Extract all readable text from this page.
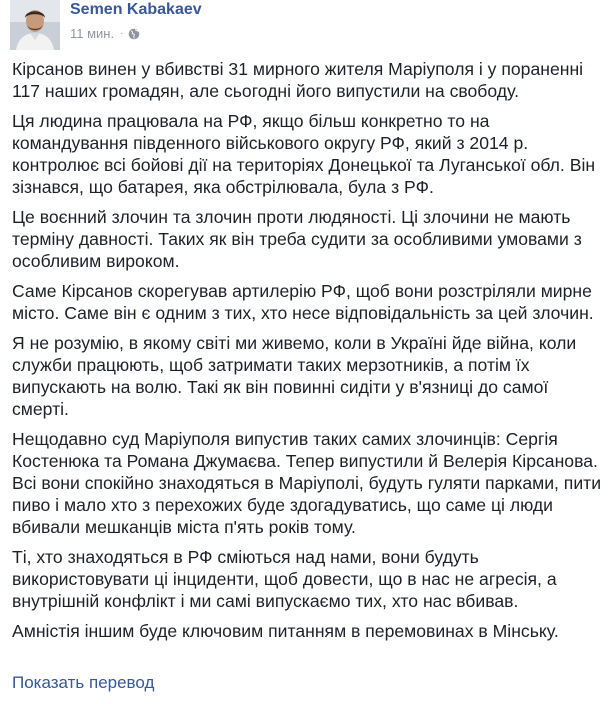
Semen Kabakaev
11 мин. ·

Кірсанов винен у вбивстві 31 мирного жителя Маріуполя і у пораненні
117 наших громадян, але сьогодні його випустили на свободу.

Ця людина працювала на РФ, якщо більш конкретно то на
командування південного військового округу РФ, який з 2014 р.
контролює всі бойові дії на територіях Донецької та Луганської обл. Він
зізнався, що батарея, яка обстрілювала, була з РФ.

Це воєнний злочин та злочин проти людяності. Ці злочини не мають
терміну давності. Таких як він треба судити за особливими умовами з
особливим вироком.

Саме Кірсанов скорегував артилерію РФ, щоб вони розстріляли мирне
місто. Саме він є одним з тих, хто несе відповідальність за цей злочин.

Я не розумію, в якому світі ми живемо, коли в Україні йде війна, коли
служби працюють, щоб затримати таких мерзотників, а потім їх
випускають на волю. Такі як він повинні сидіти у в'язниці до самої смерті.

Нещодавно суд Маріуполя випустив таких самих злочинців: Сергія
Костенюка та Романа Джумаєва. Тепер випустили й Велерія Кірсанова.
Всі вони спокійно знаходяться в Маріуполі, будуть гуляти парками, пити
пиво і мало хто з перехожих буде здогадуватись, що саме ці люди
вбивали мешканців міста п'ять років тому.

Ті, хто знаходяться в РФ сміються над нами, вони будуть
використовувати ці інциденти, щоб довести, що в нас не агресія, а
внутрішній конфлікт і ми самі випускаємо тих, хто нас вбивав.

Амністія іншим буде ключовим питанням в перемовинах в Мінську.

Показать перевод
